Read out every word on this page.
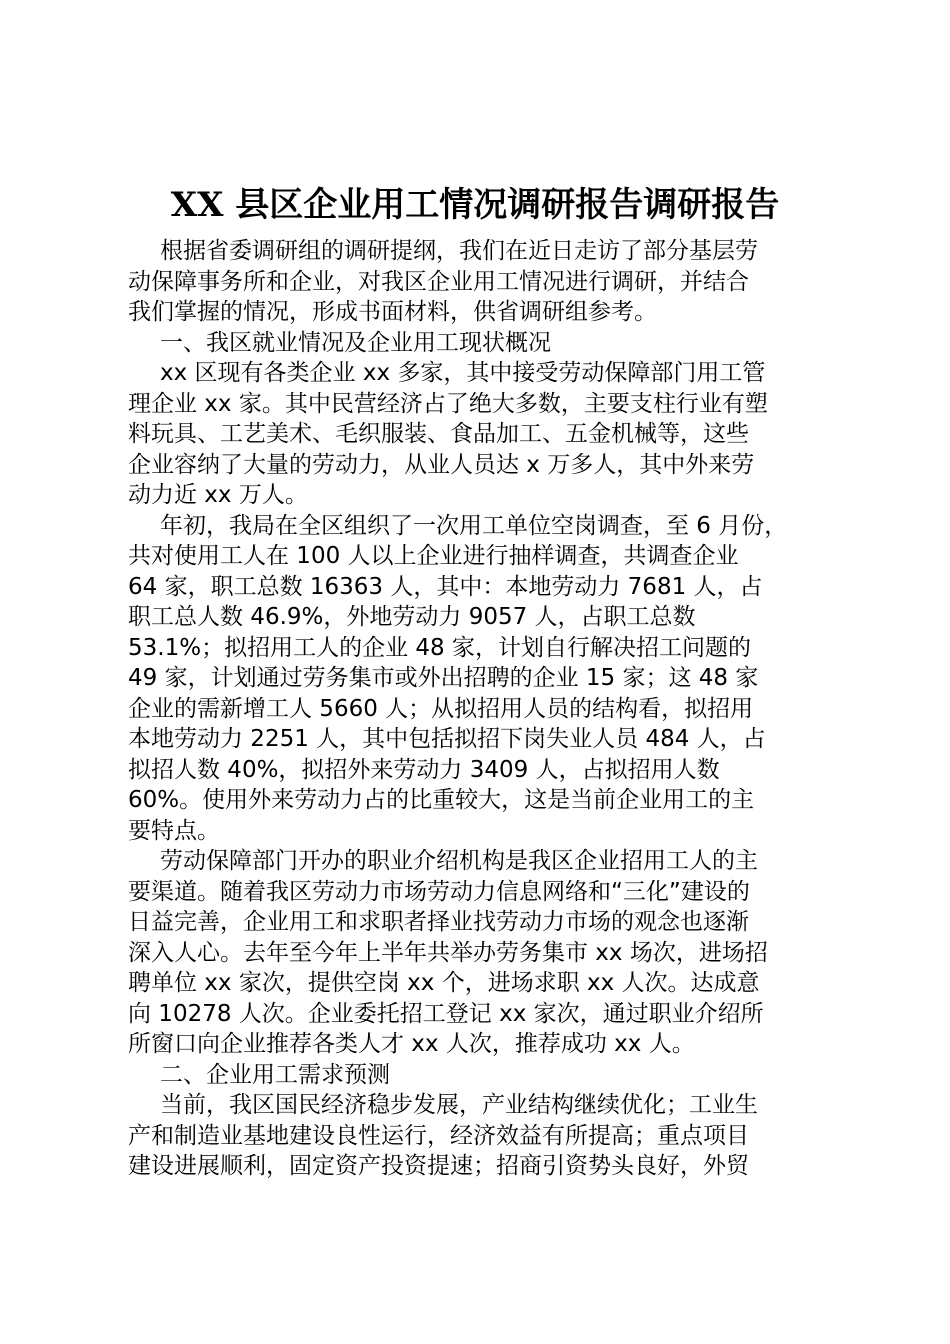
XX 县区企业用工情况调研报告调研报告
根据省委调研组的调研提纲，我们在近日走访了部分基层劳
动保障事务所和企业，对我区企业用工情况进行调研，并结合
我们掌握的情况，形成书面材料，供省调研组参考。
一、我区就业情况及企业用工现状概况
xx 区现有各类企业 xx 多家，其中接受劳动保障部门用工管
理企业 xx 家。其中民营经济占了绝大多数，主要支柱行业有塑
料玩具、工艺美术、毛织服装、食品加工、五金机械等，这些
企业容纳了大量的劳动力，从业人员达 x 万多人，其中外来劳
动力近 xx 万人。
年初，我局在全区组织了一次用工单位空岗调查，至 6 月份，
共对使用工人在 100 人以上企业进行抽样调查，共调查企业
64 家，职工总数 16363 人，其中：本地劳动力 7681 人，占
职工总人数 46.9%，外地劳动力 9057 人，占职工总数
53.1%；拟招用工人的企业 48 家，计划自行解决招工问题的
49 家，计划通过劳务集市或外出招聘的企业 15 家；这 48 家
企业的需新增工人 5660 人；从拟招用人员的结构看，拟招用
本地劳动力 2251 人，其中包括拟招下岗失业人员 484 人，占
拟招人数 40%，拟招外来劳动力 3409 人，占拟招用人数
60%。使用外来劳动力占的比重较大，这是当前企业用工的主
要特点。
劳动保障部门开办的职业介绍机构是我区企业招用工人的主
要渠道。随着我区劳动力市场劳动力信息网络和“三化”建设的
日益完善，企业用工和求职者择业找劳动力市场的观念也逐渐
深入人心。去年至今年上半年共举办劳务集市 xx 场次，进场招
聘单位 xx 家次，提供空岗 xx 个，进场求职 xx 人次。达成意
向 10278 人次。企业委托招工登记 xx 家次，通过职业介绍所
所窗口向企业推荐各类人才 xx 人次，推荐成功 xx 人。
二、企业用工需求预测
当前，我区国民经济稳步发展，产业结构继续优化；工业生
产和制造业基地建设良性运行，经济效益有所提高；重点项目
建设进展顺利，固定资产投资提速；招商引资势头良好，外贸
